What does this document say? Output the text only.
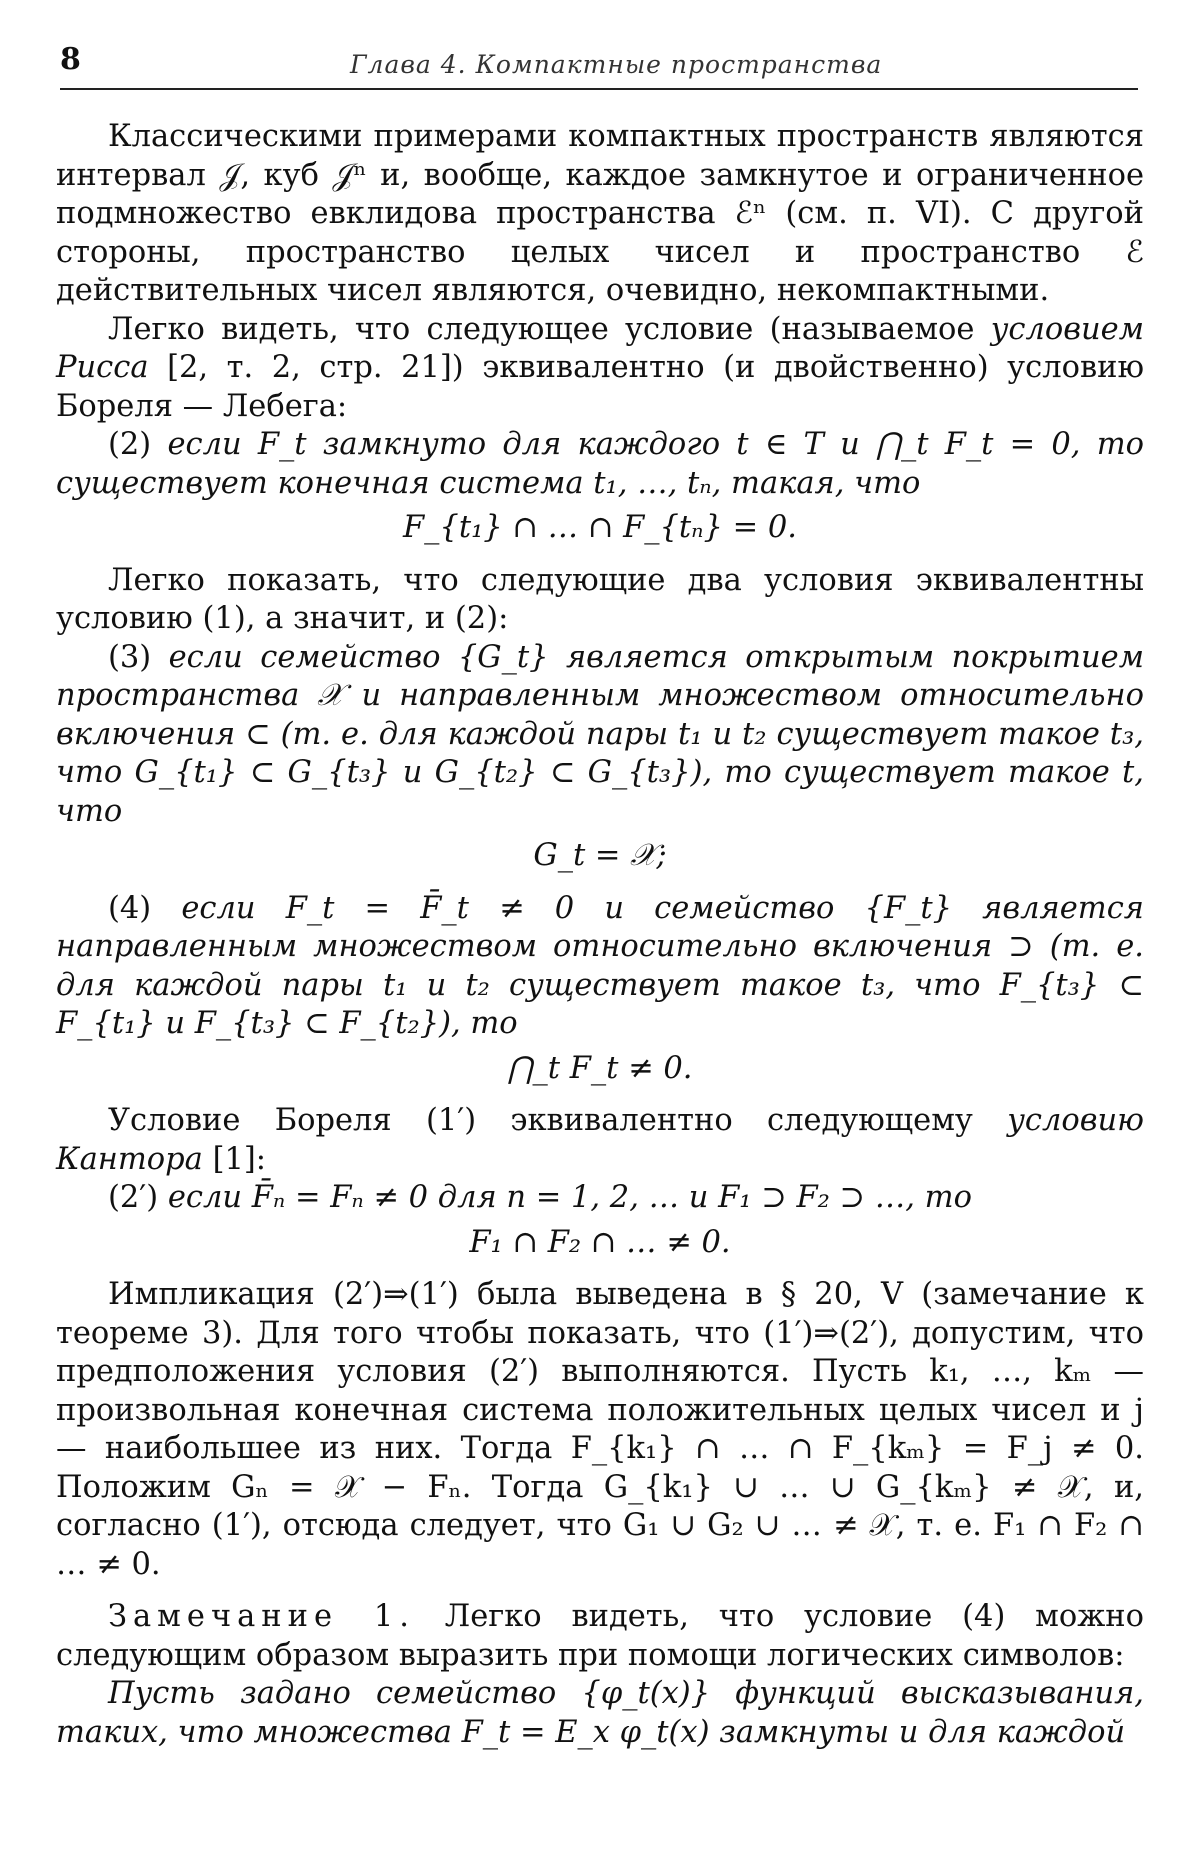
8	Глава 4. Компактные пространства

Классическими примерами компактных пространств являются интервал 𝒥, куб 𝒥ⁿ и, вообще, каждое замкнутое и ограниченное подмножество евклидова пространства ℰⁿ (см. п. VI). С другой стороны, пространство целых чисел и пространство ℰ действительных чисел являются, очевидно, некомпактными.

Легко видеть, что следующее условие (называемое условием Рисса [2, т. 2, стр. 21]) эквивалентно (и двойственно) условию Бореля — Лебега:

(2) если F_t замкнуто для каждого t ∈ T и ⋂_t F_t = 0, то существует конечная система t₁, …, tₙ, такая, что

F_{t₁} ∩ … ∩ F_{tₙ} = 0.

Легко показать, что следующие два условия эквивалентны условию (1), а значит, и (2):

(3) если семейство {G_t} является открытым покрытием пространства 𝒳 и направленным множеством относительно включения ⊂ (т. е. для каждой пары t₁ и t₂ существует такое t₃, что G_{t₁} ⊂ G_{t₃} и G_{t₂} ⊂ G_{t₃}), то существует такое t, что

G_t = 𝒳;

(4) если F_t = F̄_t ≠ 0 и семейство {F_t} является направленным множеством относительно включения ⊃ (т. е. для каждой пары t₁ и t₂ существует такое t₃, что F_{t₃} ⊂ F_{t₁} и F_{t₃} ⊂ F_{t₂}), то

⋂_t F_t ≠ 0.

Условие Бореля (1′) эквивалентно следующему условию Кантора [1]:

(2′) если F̄ₙ = Fₙ ≠ 0 для n = 1, 2, … и F₁ ⊃ F₂ ⊃ …, то

F₁ ∩ F₂ ∩ … ≠ 0.

Импликация (2′)⇒(1′) была выведена в § 20, V (замечание к теореме 3). Для того чтобы показать, что (1′)⇒(2′), допустим, что предположения условия (2′) выполняются. Пусть k₁, …, kₘ — произвольная конечная система положительных целых чисел и j — наибольшее из них. Тогда F_{k₁} ∩ … ∩ F_{kₘ} = F_j ≠ 0. Положим Gₙ = 𝒳 − Fₙ. Тогда G_{k₁} ∪ … ∪ G_{kₘ} ≠ 𝒳, и, согласно (1′), отсюда следует, что G₁ ∪ G₂ ∪ … ≠ 𝒳, т. е. F₁ ∩ F₂ ∩ … ≠ 0.

Замечание 1. Легко видеть, что условие (4) можно следующим образом выразить при помощи логических символов:

Пусть задано семейство {φ_t(x)} функций высказывания, таких, что множества F_t = E_x φ_t(x) замкнуты и для каждой
